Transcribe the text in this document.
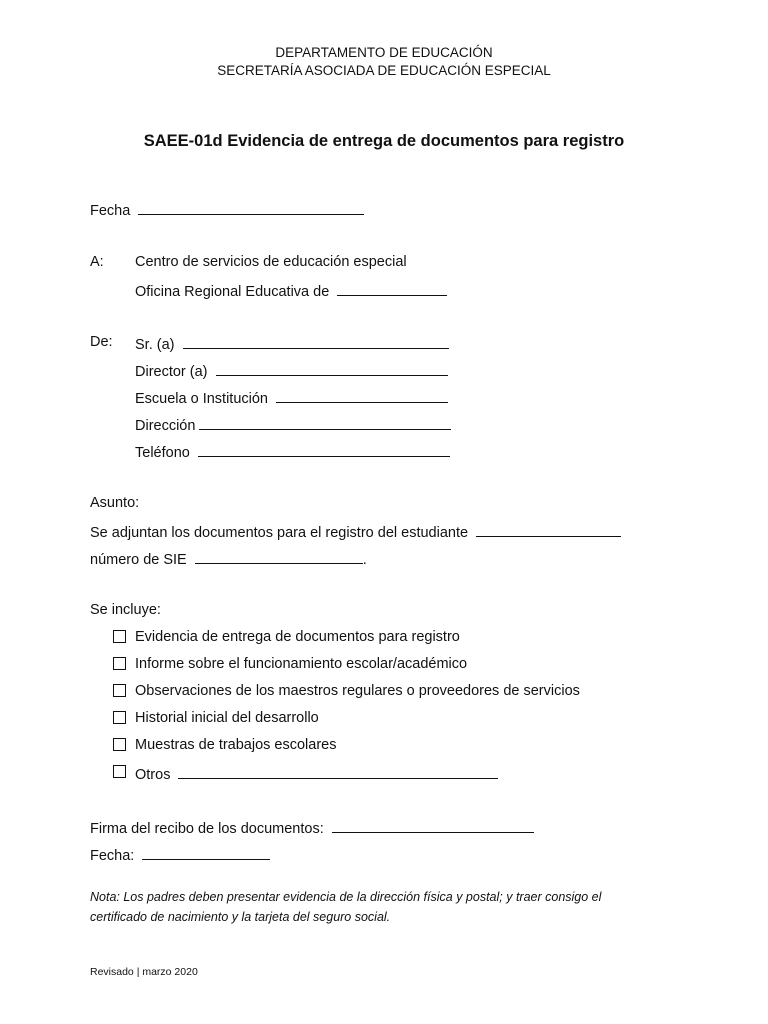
DEPARTAMENTO DE EDUCACIÓN
SECRETARÍA ASOCIADA DE EDUCACIÓN ESPECIAL
SAEE-01d Evidencia de entrega de documentos para registro
Fecha
A: Centro de servicios de educación especial
Oficina Regional Educativa de
De: Sr. (a)
Director (a)
Escuela o Institución
Dirección
Teléfono
Asunto:
Se adjuntan los documentos para el registro del estudiante
número de SIE	.
Se incluye:
Evidencia de entrega de documentos para registro
Informe sobre el funcionamiento escolar/académico
Observaciones de los maestros regulares o proveedores de servicios
Historial inicial del desarrollo
Muestras de trabajos escolares
Otros
Firma del recibo de los documentos:
Fecha:
Nota: Los padres deben presentar evidencia de la dirección física y postal; y traer consigo el
certificado de nacimiento y la tarjeta del seguro social.
Revisado | marzo 2020
